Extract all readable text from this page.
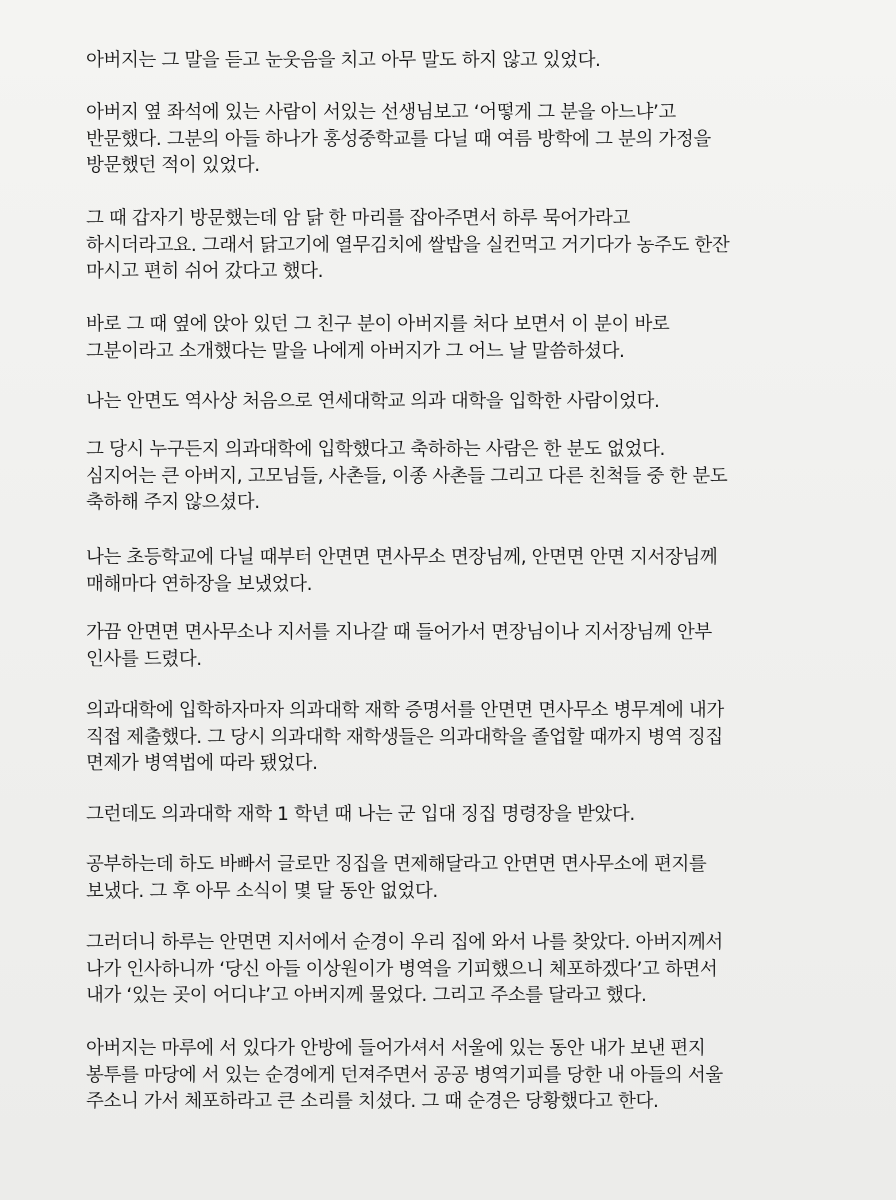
아버지는 그 말을 듣고 눈웃음을 치고 아무 말도 하지 않고 있었다.

아버지 옆 좌석에 있는 사람이 서있는 선생님보고 ‘어떻게 그 분을 아느냐’고
반문했다. 그분의 아들 하나가 홍성중학교를 다닐 때 여름 방학에 그 분의 가정을
방문했던 적이 있었다.

그 때 갑자기 방문했는데 암 닭 한 마리를 잡아주면서 하루 묵어가라고
하시더라고요. 그래서 닭고기에 열무김치에 쌀밥을 실컨먹고 거기다가 농주도 한잔
마시고 편히 쉬어 갔다고 했다.

바로 그 때 옆에 앉아 있던 그 친구 분이 아버지를 처다 보면서 이 분이 바로
그분이라고 소개했다는 말을 나에게 아버지가 그 어느 날 말씀하셨다.

나는 안면도 역사상 처음으로 연세대학교 의과 대학을 입학한 사람이었다.

그 당시 누구든지 의과대학에 입학했다고 축하하는 사람은 한 분도 없었다.
심지어는 큰 아버지, 고모님들, 사촌들, 이종 사촌들 그리고 다른 친척들 중 한 분도
축하해 주지 않으셨다.

나는 초등학교에 다닐 때부터 안면면 면사무소 면장님께, 안면면 안면 지서장님께
매해마다 연하장을 보냈었다.

가끔 안면면 면사무소나 지서를 지나갈 때 들어가서 면장님이나 지서장님께 안부
인사를 드렸다.

의과대학에 입학하자마자 의과대학 재학 증명서를 안면면 면사무소 병무계에 내가
직접 제출했다. 그 당시 의과대학 재학생들은 의과대학을 졸업할 때까지 병역 징집
면제가 병역법에 따라 됐었다.

그런데도 의과대학 재학 1 학년 때 나는 군 입대 징집 명령장을 받았다.

공부하는데 하도 바빠서 글로만 징집을 면제해달라고 안면면 면사무소에 편지를
보냈다. 그 후 아무 소식이 몇 달 동안 없었다.

그러더니 하루는 안면면 지서에서 순경이 우리 집에 와서 나를 찾았다. 아버지께서
나가 인사하니까 ‘당신 아들 이상원이가 병역을 기피했으니 체포하겠다’고 하면서
내가 ‘있는 곳이 어디냐’고 아버지께 물었다. 그리고 주소를 달라고 했다.

아버지는 마루에 서 있다가 안방에 들어가셔서 서울에 있는 동안 내가 보낸 편지
봉투를 마당에 서 있는 순경에게 던져주면서 공공 병역기피를 당한 내 아들의 서울
주소니 가서 체포하라고 큰 소리를 치셨다. 그 때 순경은 당황했다고 한다.
